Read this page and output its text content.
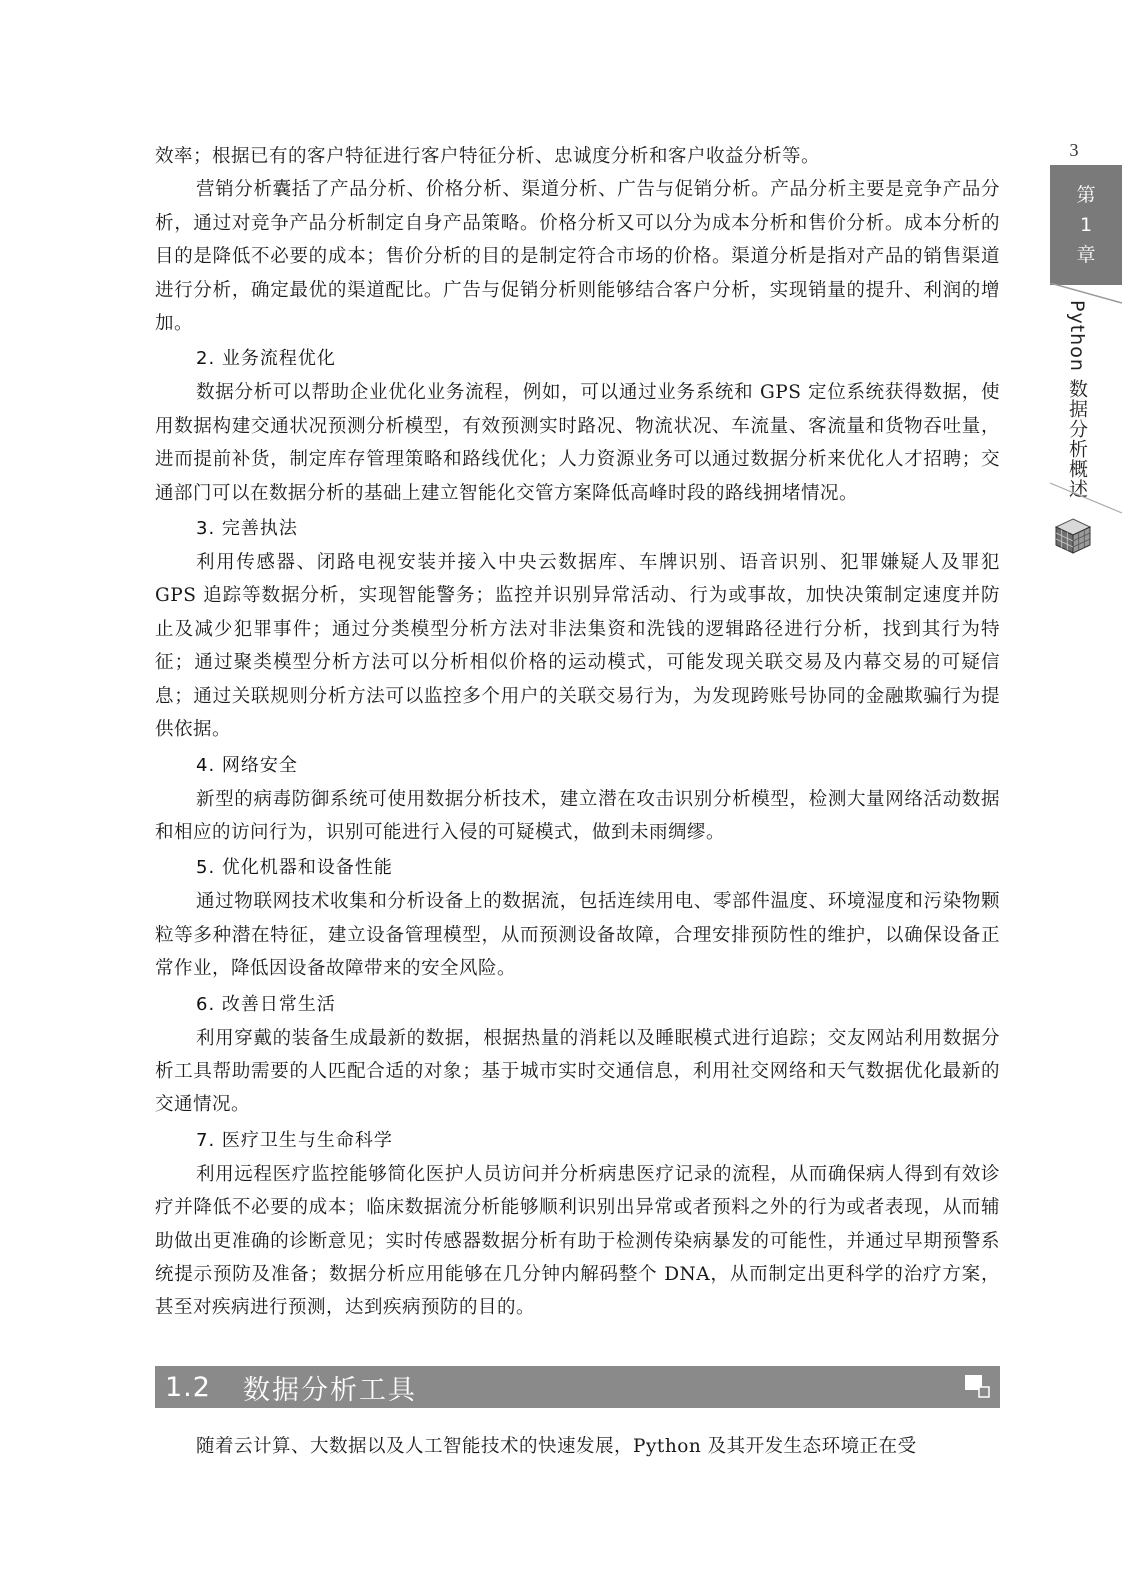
3
第
1
章
Python 数据分析概述

效率；根据已有的客户特征进行客户特征分析、忠诚度分析和客户收益分析等。

营销分析囊括了产品分析、价格分析、渠道分析、广告与促销分析。产品分析主要是竞争产品分析，通过对竞争产品分析制定自身产品策略。价格分析又可以分为成本分析和售价分析。成本分析的目的是降低不必要的成本；售价分析的目的是制定符合市场的价格。渠道分析是指对产品的销售渠道进行分析，确定最优的渠道配比。广告与促销分析则能够结合客户分析，实现销量的提升、利润的增加。

2. 业务流程优化

数据分析可以帮助企业优化业务流程，例如，可以通过业务系统和 GPS 定位系统获得数据，使用数据构建交通状况预测分析模型，有效预测实时路况、物流状况、车流量、客流量和货物吞吐量，进而提前补货，制定库存管理策略和路线优化；人力资源业务可以通过数据分析来优化人才招聘；交通部门可以在数据分析的基础上建立智能化交管方案降低高峰时段的路线拥堵情况。

3. 完善执法

利用传感器、闭路电视安装并接入中央云数据库、车牌识别、语音识别、犯罪嫌疑人及罪犯 GPS 追踪等数据分析，实现智能警务；监控并识别异常活动、行为或事故，加快决策制定速度并防止及减少犯罪事件；通过分类模型分析方法对非法集资和洗钱的逻辑路径进行分析，找到其行为特征；通过聚类模型分析方法可以分析相似价格的运动模式，可能发现关联交易及内幕交易的可疑信息；通过关联规则分析方法可以监控多个用户的关联交易行为，为发现跨账号协同的金融欺骗行为提供依据。

4. 网络安全

新型的病毒防御系统可使用数据分析技术，建立潜在攻击识别分析模型，检测大量网络活动数据和相应的访问行为，识别可能进行入侵的可疑模式，做到未雨绸缪。

5. 优化机器和设备性能

通过物联网技术收集和分析设备上的数据流，包括连续用电、零部件温度、环境湿度和污染物颗粒等多种潜在特征，建立设备管理模型，从而预测设备故障，合理安排预防性的维护，以确保设备正常作业，降低因设备故障带来的安全风险。

6. 改善日常生活

利用穿戴的装备生成最新的数据，根据热量的消耗以及睡眠模式进行追踪；交友网站利用数据分析工具帮助需要的人匹配合适的对象；基于城市实时交通信息，利用社交网络和天气数据优化最新的交通情况。

7. 医疗卫生与生命科学

利用远程医疗监控能够简化医护人员访问并分析病患医疗记录的流程，从而确保病人得到有效诊疗并降低不必要的成本；临床数据流分析能够顺利识别出异常或者预料之外的行为或者表现，从而辅助做出更准确的诊断意见；实时传感器数据分析有助于检测传染病暴发的可能性，并通过早期预警系统提示预防及准备；数据分析应用能够在几分钟内解码整个 DNA，从而制定出更科学的治疗方案，甚至对疾病进行预测，达到疾病预防的目的。

1.2 数据分析工具

随着云计算、大数据以及人工智能技术的快速发展，Python 及其开发生态环境正在受
